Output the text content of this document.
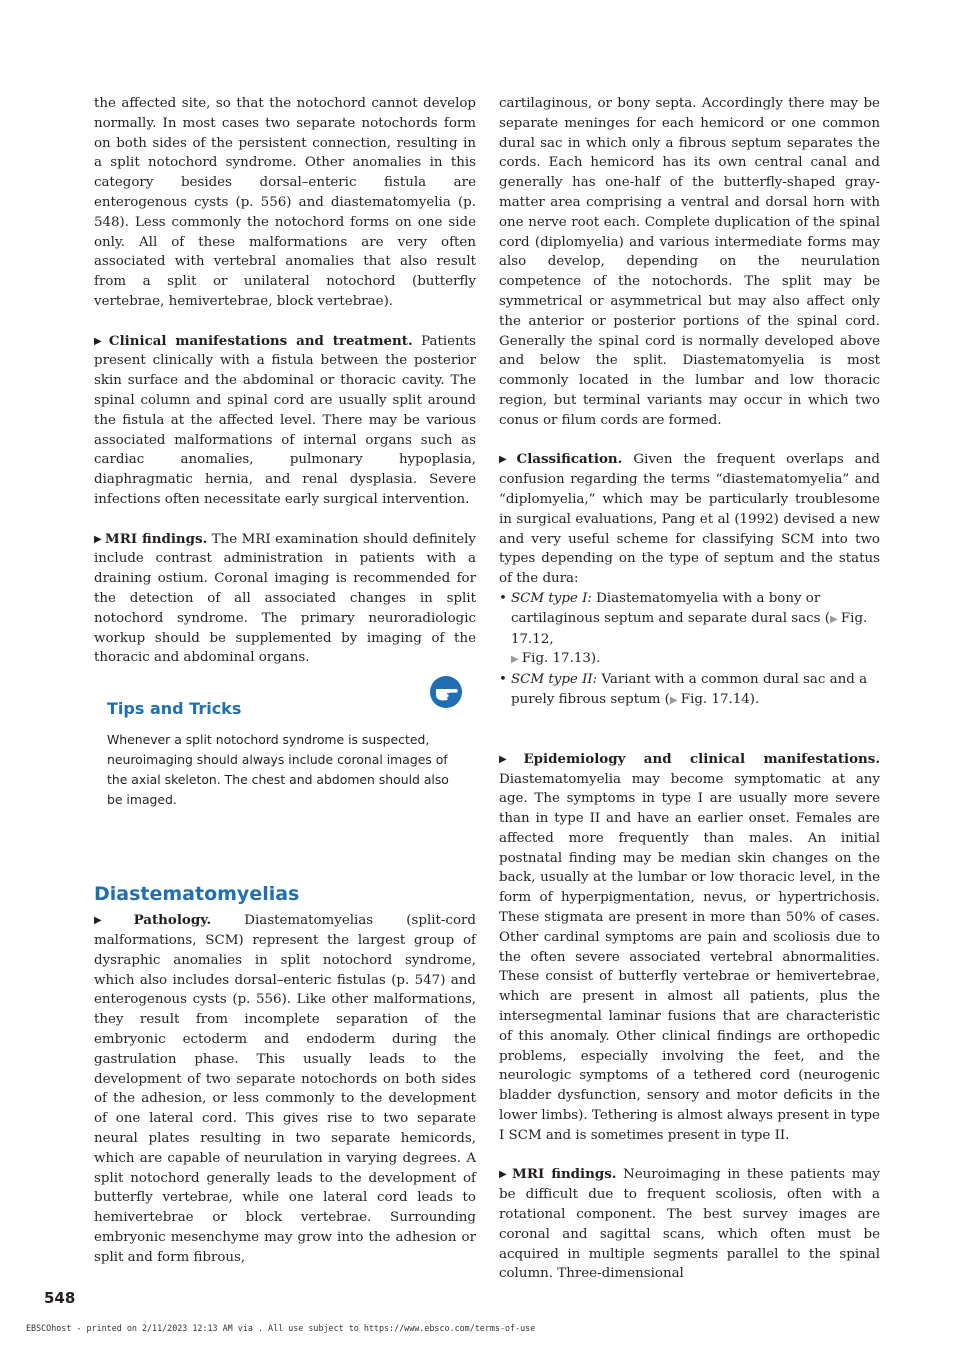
the affected site, so that the notochord cannot develop normally. In most cases two separate notochords form on both sides of the persistent connection, resulting in a split notochord syndrome. Other anomalies in this category besides dorsal–enteric fistula are enterogenous cysts (p. 556) and diastematomyelia (p. 548). Less commonly the notochord forms on one side only. All of these malformations are very often associated with vertebral anomalies that also result from a split or unilateral notochord (butterfly vertebrae, hemivertebrae, block vertebrae).

▶ Clinical manifestations and treatment. Patients present clinically with a fistula between the posterior skin surface and the abdominal or thoracic cavity. The spinal column and spinal cord are usually split around the fistula at the affected level. There may be various associated malformations of internal organs such as cardiac anomalies, pulmonary hypoplasia, diaphragmatic hernia, and renal dysplasia. Severe infections often necessitate early surgical intervention.

▶ MRI findings. The MRI examination should definitely include contrast administration in patients with a draining ostium. Coronal imaging is recommended for the detection of all associated changes in split notochord syndrome. The primary neuroradiologic workup should be supplemented by imaging of the thoracic and abdominal organs.

Tips and Tricks

Whenever a split notochord syndrome is suspected, neuroimaging should always include coronal images of the axial skeleton. The chest and abdomen should also be imaged.

Diastematomyelias

▶ Pathology. Diastematomyelias (split-cord malformations, SCM) represent the largest group of dysraphic anomalies in split notochord syndrome, which also includes dorsal–enteric fistulas (p. 547) and enterogenous cysts (p. 556). Like other malformations, they result from incomplete separation of the embryonic ectoderm and endoderm during the gastrulation phase. This usually leads to the development of two separate notochords on both sides of the adhesion, or less commonly to the development of one lateral cord. This gives rise to two separate neural plates resulting in two separate hemicords, which are capable of neurulation in varying degrees. A split notochord generally leads to the development of butterfly vertebrae, while one lateral cord leads to hemivertebrae or block vertebrae. Surrounding embryonic mesenchyme may grow into the adhesion or split and form fibrous,

cartilaginous, or bony septa. Accordingly there may be separate meninges for each hemicord or one common dural sac in which only a fibrous septum separates the cords. Each hemicord has its own central canal and generally has one-half of the butterfly-shaped gray-matter area comprising a ventral and dorsal horn with one nerve root each. Complete duplication of the spinal cord (diplomyelia) and various intermediate forms may also develop, depending on the neurulation competence of the notochords. The split may be symmetrical or asymmetrical but may also affect only the anterior or posterior portions of the spinal cord. Generally the spinal cord is normally developed above and below the split. Diastematomyelia is most commonly located in the lumbar and low thoracic region, but terminal variants may occur in which two conus or filum cords are formed.

▶ Classification. Given the frequent overlaps and confusion regarding the terms “diastematomyelia” and “diplomyelia,” which may be particularly troublesome in surgical evaluations, Pang et al (1992) devised a new and very useful scheme for classifying SCM into two types depending on the type of septum and the status of the dura:

• SCM type I: Diastematomyelia with a bony or cartilaginous septum and separate dural sacs (▶ Fig. 17.12,
▶ Fig. 17.13).
• SCM type II: Variant with a common dural sac and a purely fibrous septum (▶ Fig. 17.14).

▶ Epidemiology and clinical manifestations. Diastematomyelia may become symptomatic at any age. The symptoms in type I are usually more severe than in type II and have an earlier onset. Females are affected more frequently than males. An initial postnatal finding may be median skin changes on the back, usually at the lumbar or low thoracic level, in the form of hyperpigmentation, nevus, or hypertrichosis. These stigmata are present in more than 50% of cases. Other cardinal symptoms are pain and scoliosis due to the often severe associated vertebral abnormalities. These consist of butterfly vertebrae or hemivertebrae, which are present in almost all patients, plus the intersegmental laminar fusions that are characteristic of this anomaly. Other clinical findings are orthopedic problems, especially involving the feet, and the neurologic symptoms of a tethered cord (neurogenic bladder dysfunction, sensory and motor deficits in the lower limbs). Tethering is almost always present in type I SCM and is sometimes present in type II.

▶ MRI findings. Neuroimaging in these patients may be difficult due to frequent scoliosis, often with a rotational component. The best survey images are coronal and sagittal scans, which often must be acquired in multiple segments parallel to the spinal column. Three-dimensional

548
EBSCOhost - printed on 2/11/2023 12:13 AM via . All use subject to https://www.ebsco.com/terms-of-use
